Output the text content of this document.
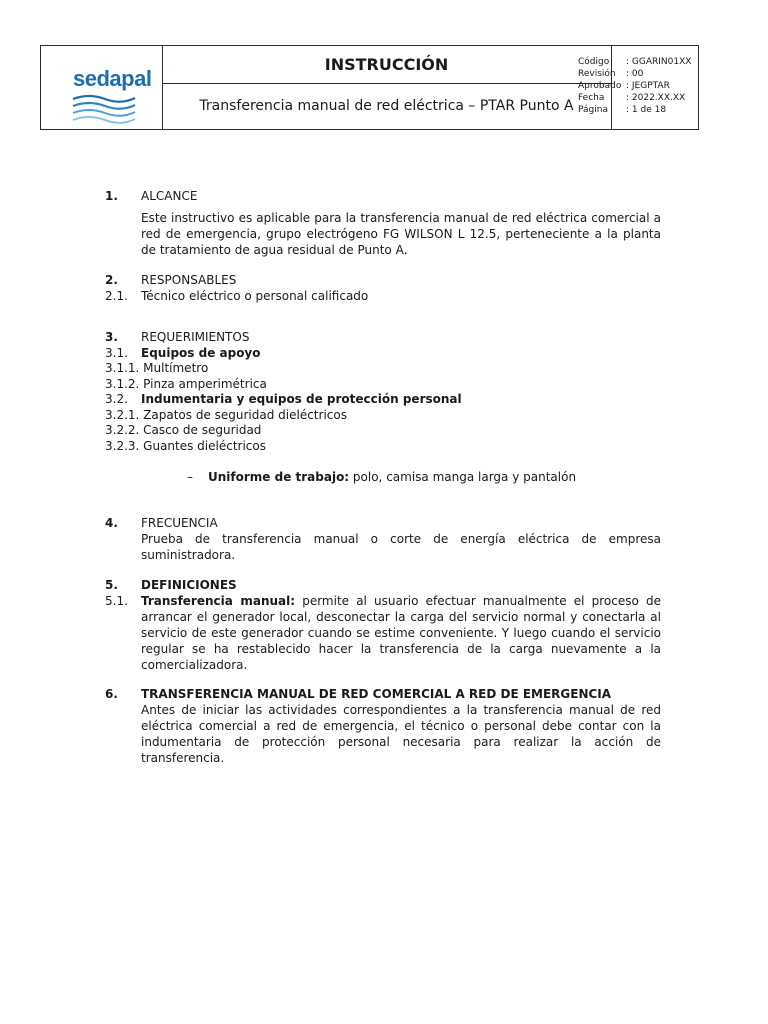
sedapal
INSTRUCCIÓN
Transferencia manual de red eléctrica – PTAR Punto A
Código	: GGARIN01XX
Revisión	: 00
Aprobado : JEGPTAR
Fecha	: 2022.XX.XX
Página	: 1 de 18
1. ALCANCE
Este instructivo es aplicable para la transferencia manual de red eléctrica comercial a red de emergencia, grupo electrógeno FG WILSON L 12.5, perteneciente a la planta de tratamiento de agua residual de Punto A.
2. RESPONSABLES
2.1. Técnico eléctrico o personal calificado
3. REQUERIMIENTOS
3.1. Equipos de apoyo
3.1.1. Multímetro
3.1.2. Pinza amperimétrica
3.2. Indumentaria y equipos de protección personal
3.2.1. Zapatos de seguridad dieléctricos
3.2.2. Casco de seguridad
3.2.3. Guantes dieléctricos
– Uniforme de trabajo: polo, camisa manga larga y pantalón
4. FRECUENCIA
Prueba de transferencia manual o corte de energía eléctrica de empresa suministradora.
5. DEFINICIONES
5.1. Transferencia manual: permite al usuario efectuar manualmente el proceso de arrancar el generador local, desconectar la carga del servicio normal y conectarla al servicio de este generador cuando se estime conveniente. Y luego cuando el servicio regular se ha restablecido hacer la transferencia de la carga nuevamente a la comercializadora.
6. TRANSFERENCIA MANUAL DE RED COMERCIAL A RED DE EMERGENCIA
Antes de iniciar las actividades correspondientes a la transferencia manual de red eléctrica comercial a red de emergencia, el técnico o personal debe contar con la indumentaria de protección personal necesaria para realizar la acción de transferencia.
